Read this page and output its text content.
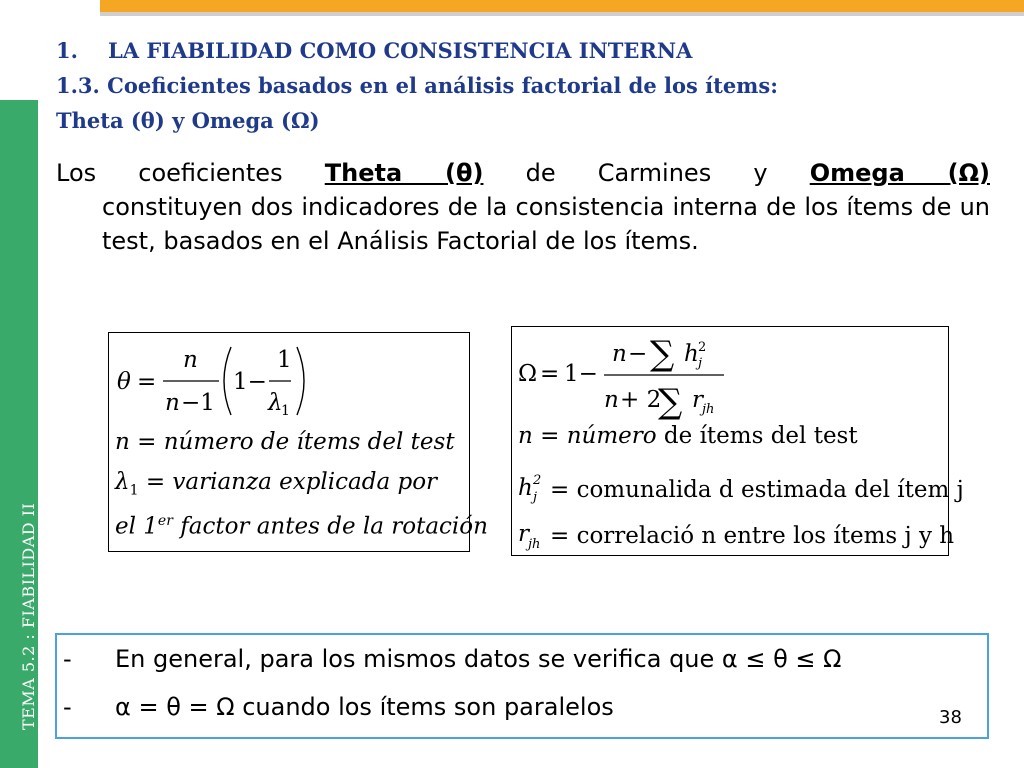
TEMA 5.2 : FIABILIDAD II
1. LA FIABILIDAD COMO CONSISTENCIA INTERNA
1.3. Coeficientes basados en el análisis factorial de los ítems:
Theta (θ) y Omega (Ω)
Los coeficientes Theta (θ) de Carmines y Omega (Ω)
constituyen dos indicadores de la consistencia interna de los ítems de un test, basados en el Análisis Factorial de los ítems.
θ =
n
n −1
1−
1
λ
1
n = número de ítems del test
$\lambda_1$ = varianza explicada por
el 1er factor antes de la rotación
Ω = 1−
n − ∑ h 2
j
n + 2
∑ r jh
n = número de ítems del test
h 2
j = comunalida d estimada del ítem j
r jh = correlació n entre los ítems j y h
- En general, para los mismos datos se verifica que α ≤ θ ≤ Ω
- α = θ = Ω cuando los ítems son paralelos	38
